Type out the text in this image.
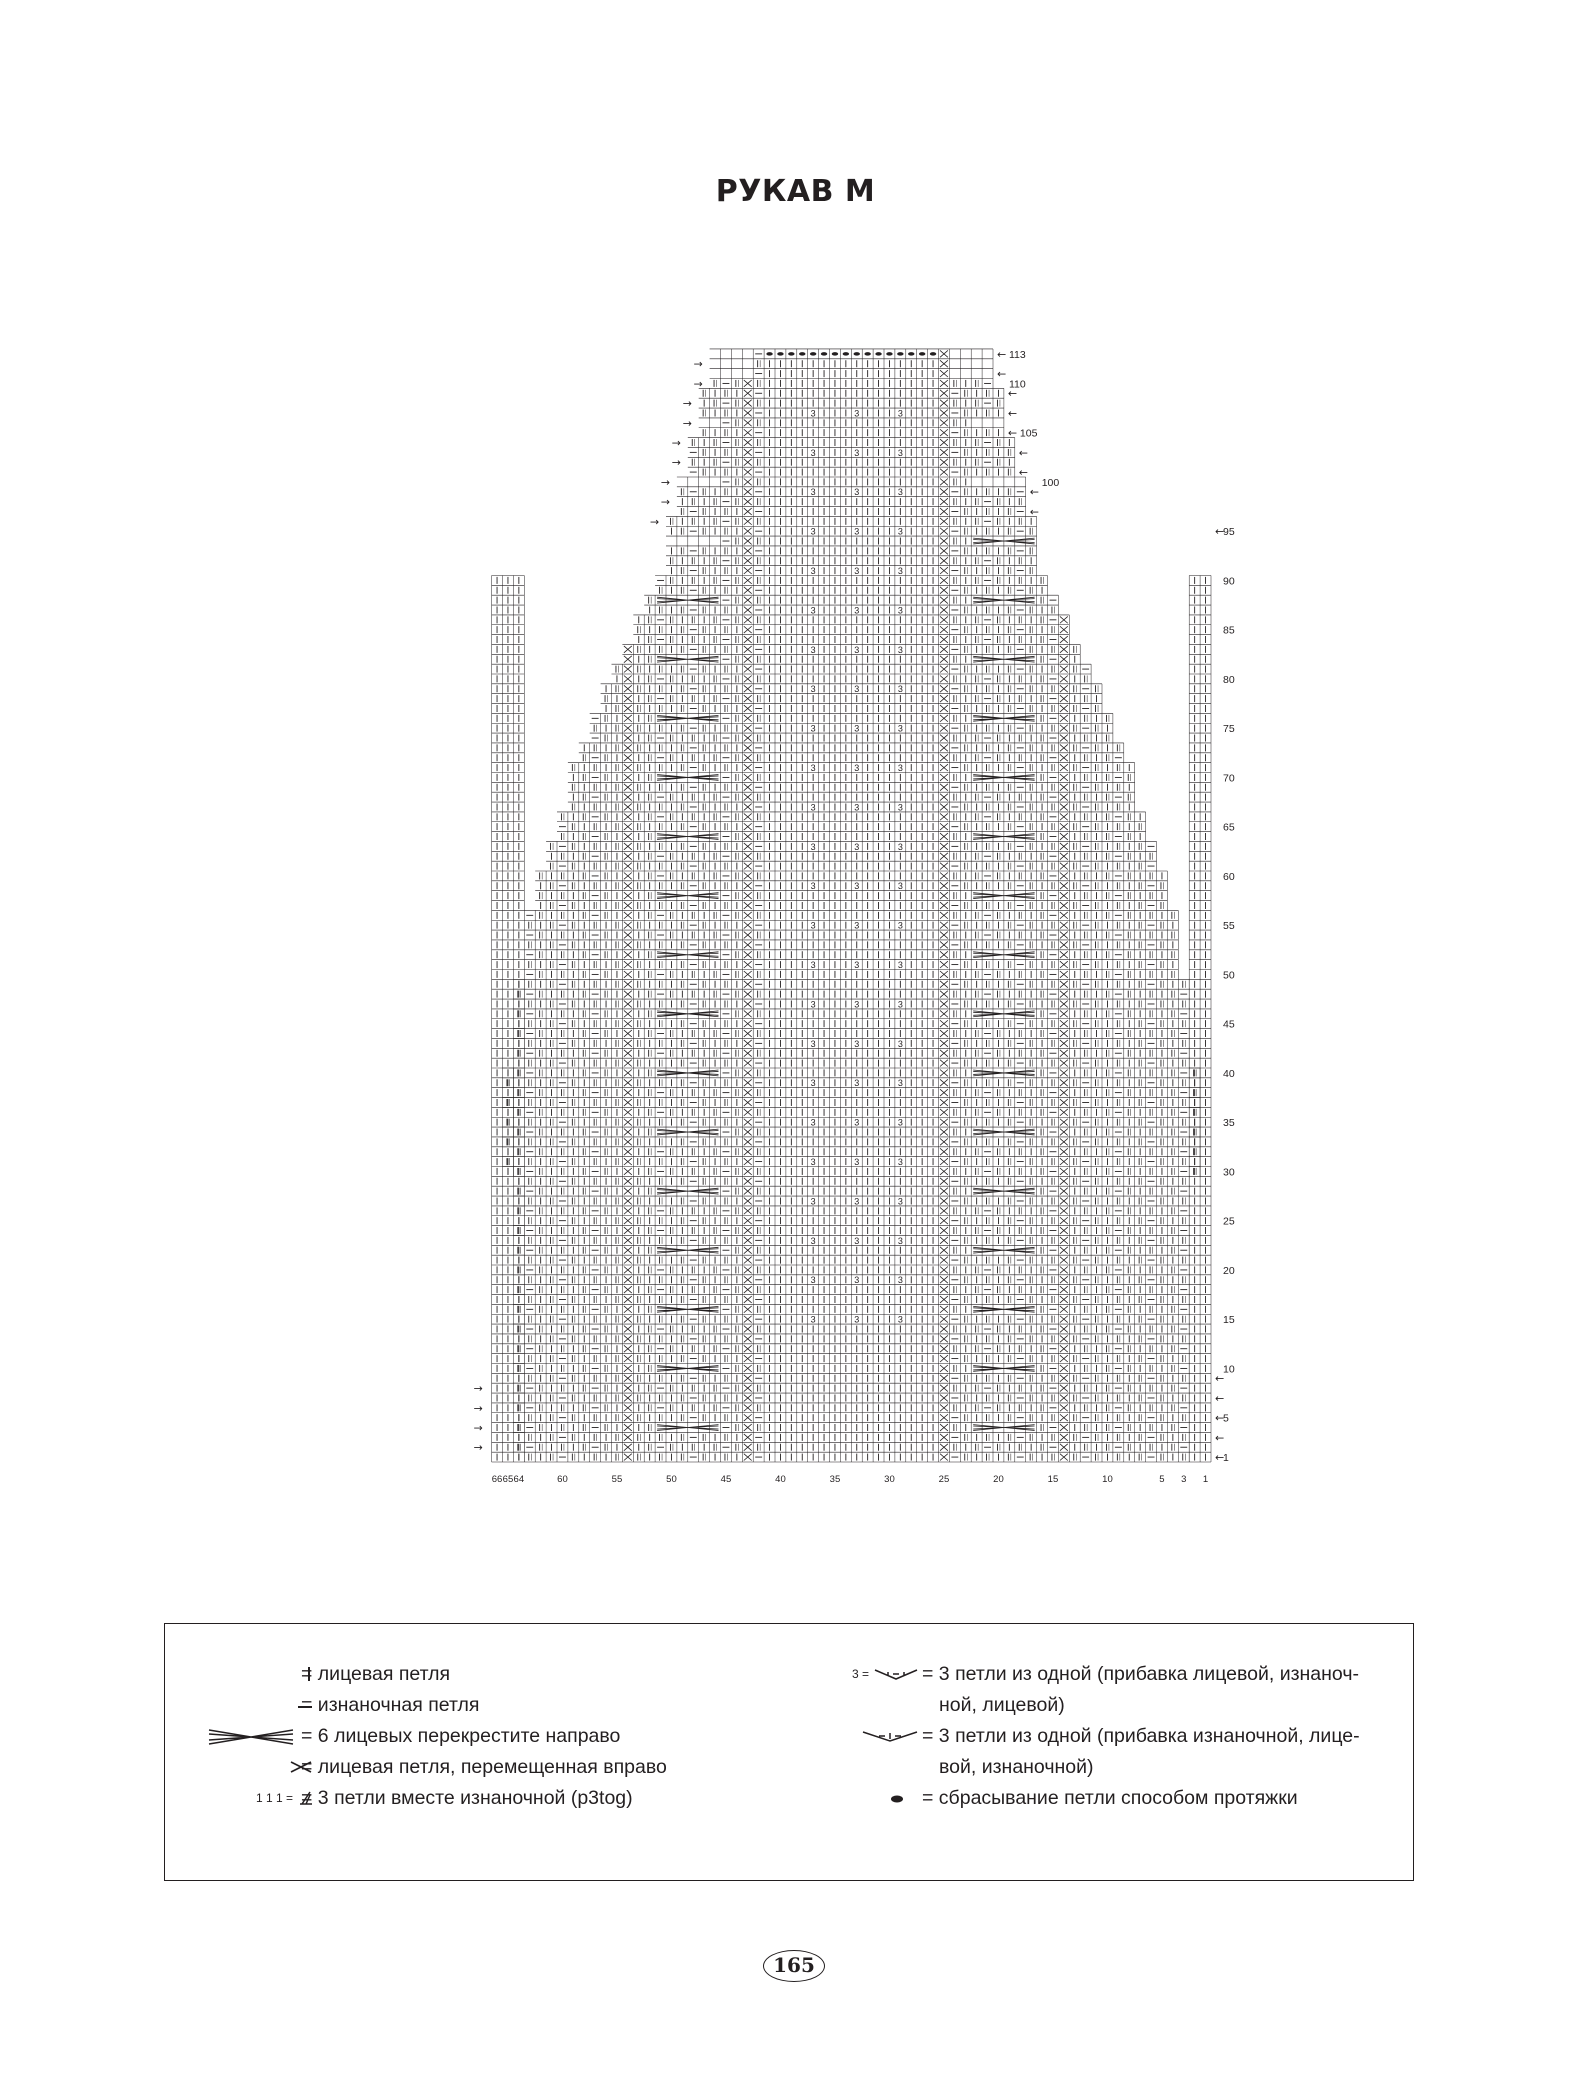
РУКАВ М
3
3
3
3
3
3
3
3
3
3
3
3
3
3
3
3
3
3
3
3
3
3
3
3
3
3
3
3
3
3
3
3
3
3
3
3
3
3
3
3
3
3
3
3
3
3
3
3
3
3
3
3
3
3
3
3
3
3
3
3
3
3
3
3
3
3
3
3
3
3
3
3
←
→
←
→
←
→
←
→
←
←
←
←
←
←
←
←
←
←
←
→
→
→
→
→
→
→
→
→
1
5
10
15
20
25
30
35
40
45
50
55
60
65
70
75
80
85
90
95
100
105
110
113
66 65 64	60	55	50	45	40	35	30	25	20	15	10	5 3 1
= лицевая петля
= изнаночная петля
= 6 лицевых перекрестите направо
= лицевая петля, перемещенная вправо
1 1 1 = = 3 петли вместе изнаночной (p3tog)
3 =	= 3 петли из одной (прибавка лицевой, изнаноч-
ной, лицевой)
= 3 петли из одной (прибавка изнаночной, лице-
вой, изнаночной)
= сбрасывание петли способом протяжки
165
